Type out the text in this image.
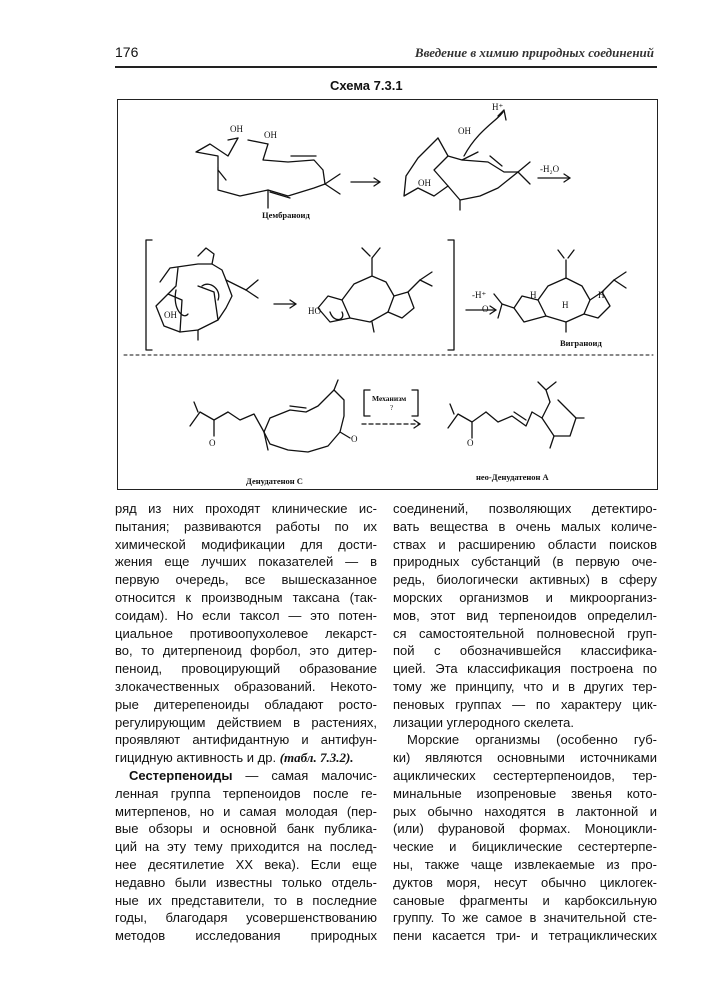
176	Введение в химию природных соединений
Схема 7.3.1
OH
OH
Цембраноид
H⁺
OH
OH
-H₂O
OH	HO
-H⁺
O
H
H
H
Виграноид
O	O	O
Механизм
?
Денудатенон С	нео-Денудатенон А
ряд из них проходят клинические ис-
пытания; развиваются работы по их
химической модификации для дости-
жения еще лучших показателей — в
первую очередь, все вышесказанное
относится к производным таксана (так-
соидам). Но если таксол — это потен-
циальное противоопухолевое лекарст-
во, то дитерпеноид форбол, это дитер-
пеноид, провоцирующий образование
злокачественных образований. Некото-
рые дитерепеноиды обладают росто-
регулирующим действием в растениях,
проявляют антифидантную и антифун-
гицидную активность и др. (табл. 7.3.2).
Сестерпеноиды — самая малочис-
ленная группа терпеноидов после ге-
митерпенов, но и самая молодая (пер-
вые обзоры и основной банк публика-
ций на эту тему приходится на послед-
нее десятилетие XX века). Если еще
недавно были известны только отдель-
ные их представители, то в последние
годы, благодаря усовершенствованию
методов исследования природных
соединений, позволяющих детектиро-
вать вещества в очень малых количе-
ствах и расширению области поисков
природных субстанций (в первую оче-
редь, биологически активных) в сферу
морских организмов и микроорганиз-
мов, этот вид терпеноидов определил-
ся самостоятельной полновесной груп-
пой с обозначившейся классифика-
цией. Эта классификация построена по
тому же принципу, что и в других тер-
пеновых группах — по характеру цик-
лизации углеродного скелета.
Морские организмы (особенно губ-
ки) являются основными источниками
ациклических сестертерпеноидов, тер-
минальные изопреновые звенья кото-
рых обычно находятся в лактонной и
(или) фурановой формах. Моноцикли-
ческие и бициклические сестертерпе-
ны, также чаще извлекаемые из про-
дуктов моря, несут обычно циклогек-
сановые фрагменты и карбоксильную
группу. То же самое в значительной сте-
пени касается три- и тетрациклических
